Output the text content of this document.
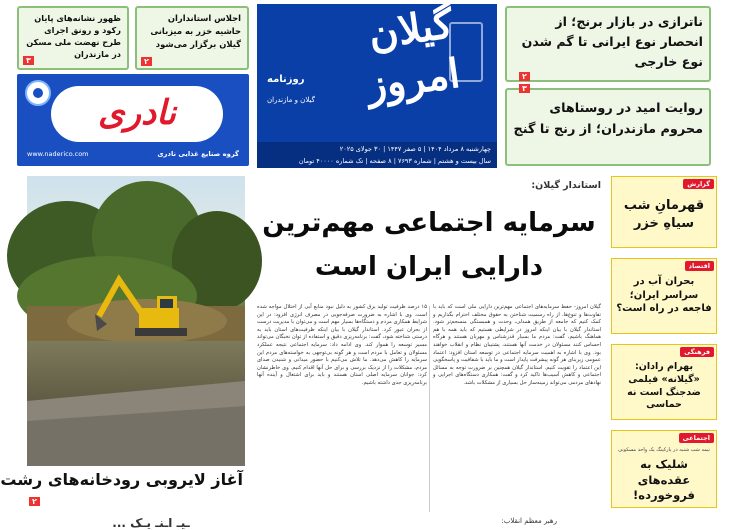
ظهور نشانه‌های پایان رکود و رونق اجرای طرح نهضت ملی مسکن در مازندران
۳
اجلاس استانداران حاشیه خزر به میزبانی گیلان برگزار می‌شود
۲
گیلان امروز
روزنامه
گیلان و مازندران
چهارشنبه ۸ مرداد ۱۴۰۴ | ۵ صفر ۱۴۴۷ | ۳۰ جولای ۲۰۲۵
سال بیست و هشتم | شماره ۷۶۹۳ | ۸ صفحه | تک شماره ۴۰۰۰۰ تومان
نادری
www.naderico.com	گروه صنایع غذایی نادری
ناترازی در بازار برنج؛ از انحصار نوع ایرانی تا گم شدن نوع خارجی
۲
روایت امید در روستاهای محروم مازندران؛ از رنج تا گنج
۳
آغاز لایروبی رودخانه‌های رشت
۲
استاندار گیلان:
سرمایه اجتماعی مهم‌ترین
دارایی ایران است
گیلان امروز- حفظ سرمایه‌های اجتماعی مهم‌ترین دارایی ملی است که باید با تفاوت‌ها و تنوع‌ها، از راه رسمیت شناختن به حقوق مختلف احترام بگذاریم و کمک کنیم که جامعه از طریق همدلی، وحدت و همبستگی منسجم‌تر شود. استاندار گیلان با بیان اینکه امروز در شرایطی هستیم که باید همه با هم هماهنگ باشیم، گفت: مردم ما بسیار قدرشناس و مهربان هستند و هرگاه احساس کنند مسئولان در خدمت آنها هستند، پشتیبان نظام و انقلاب خواهند بود. وی با اشاره به اهمیت سرمایه اجتماعی در توسعه استان افزود: اعتماد عمومی زیربنای هر گونه پیشرفت پایدار است و ما باید با شفافیت و پاسخگویی این اعتماد را تقویت کنیم. استاندار گیلان همچنین بر ضرورت توجه به مسائل اجتماعی و کاهش آسیب‌ها تاکید کرد و گفت: همکاری دستگاه‌های اجرایی و نهادهای مردمی می‌تواند زمینه‌ساز حل بسیاری از مشکلات باشد.
۱۵ درصد ظرفیت تولید برق کشور به دلیل نبود منابع آبی از اختلال مواجه شده است. وی با اشاره به ضرورت صرفه‌جویی در مصرف انرژی افزود: در این شرایط همکاری مردم و دستگاه‌ها بسیار مهم است و می‌توان با مدیریت درست از بحران عبور کرد. استاندار گیلان با بیان اینکه ظرفیت‌های استان باید به درستی شناخته شود، گفت: برنامه‌ریزی دقیق و استفاده از توان نخبگان می‌تواند مسیر توسعه را هموار کند. وی ادامه داد: سرمایه اجتماعی نتیجه عملکرد مسئولان و تعامل با مردم است و هر گونه بی‌توجهی به خواسته‌های مردم این سرمایه را کاهش می‌دهد. ما تلاش می‌کنیم با حضور میدانی و شنیدن صدای مردم، مشکلات را از نزدیک بررسی و برای حل آنها اقدام کنیم. وی خاطرنشان کرد: جوانان سرمایه اصلی استان هستند و باید برای اشتغال و آینده آنها برنامه‌ریزی جدی داشته باشیم.
گزارش
قهرمانِ شب سیاهِ خزر
اقتصاد
بحران آب در سراسر ایران؛ فاجعه در راه است؟
فرهنگی
بهرام رادان: «گیلانه» فیلمی ضدجنگ است نه حماسی
اجتماعی
نیمه شب شنبه در پارکینگ یک واحد مسکونی
شلیک به عقده‌های فروخورده!
رهبر معظم انقلاب:
ـیـ اـنـ یـک ...
